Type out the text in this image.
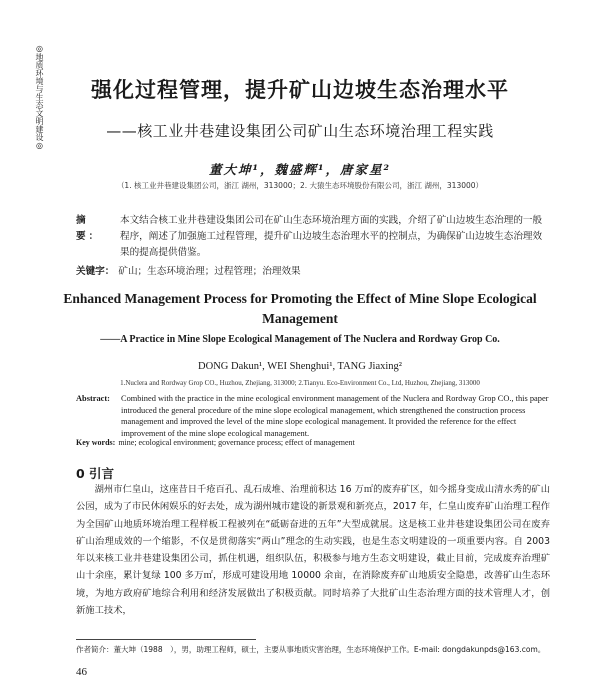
◎地质环境与生态文明建设◎	强化过程管理，提升矿山边坡生态治理水平
——核工业井巷建设集团公司矿山生态环境治理工程实践
董大坤¹，魏盛辉¹，唐家星²
（1. 核工业井巷建设集团公司，浙江 湖州，313000；2. 大猿生态环境股份有限公司，浙江 湖州，313000）
摘 要：
本文结合核工业井巷建设集团公司在矿山生态环境治理方面的实践，介绍了矿山边坡生态治理的一般程序，阐述了加强施工过程管理，提升矿山边坡生态治理水平的控制点，为确保矿山边坡生态治理效果的提高提供借鉴。
关键字： 矿山；生态环境治理；过程管理；治理效果
Enhanced Management Process for Promoting the Effect of Mine Slope Ecological Management
——A Practice in Mine Slope Ecological Management of The Nuclera and Rordway Grop Co.
DONG Dakun¹, WEI Shenghui¹, TANG Jiaxing²
1.Nuclera and Rordway Grop CO., Huzhou, Zhejiang, 313000; 2.Tianyu. Eco-Environment Co., Ltd, Huzhou, Zhejiang, 313000
Abstract: Combined with the practice in the mine ecological environment management of the Nuclera and Rordway Grop CO., this paper introduced the general procedure of the mine slope ecological management, which strengthened the construction process management and improved the level of the mine slope ecological management. It provided the reference for the effect improvement of the mine slope ecological management.
Key words: mine; ecological environment; governance process; effect of management
0 引言
湖州市仁皇山，这座昔日千疮百孔、乱石成堆、治理前积达 16 万㎡的废弃矿区，如今摇身变成山清水秀的矿山公园，成为了市民休闲娱乐的好去处，成为湖州城市建设的新景观和新亮点，2017 年，仁皇山废弃矿山治理工程作为全国矿山地质环境治理工程样板工程被列在“砥砺奋进的五年”大型成就展。这是核工业井巷建设集团公司在废弃矿山治理成效的一个缩影，不仅是贯彻落实“两山”理念的生动实践，也是生态文明建设的一项重要内容。自 2003 年以来核工业井巷建设集团公司，抓住机遇，组织队伍，积极参与地方生态文明建设，截止目前，完成废弃治理矿山十余座，累计复绿 100 多万㎡，形成可建设用地 10000 余亩，在消除废弃矿山地质安全隐患，改善矿山生态环境，为地方政府矿地综合利用和经济发展做出了积极贡献。同时培养了大批矿山生态治理方面的技术管理人才，创新施工技术，
作者简介：董大坤（1988　），男，助理工程师，硕士，主要从事地质灾害治理，生态环境保护工作。E-mail: dongdakunpds@163.com。
46
